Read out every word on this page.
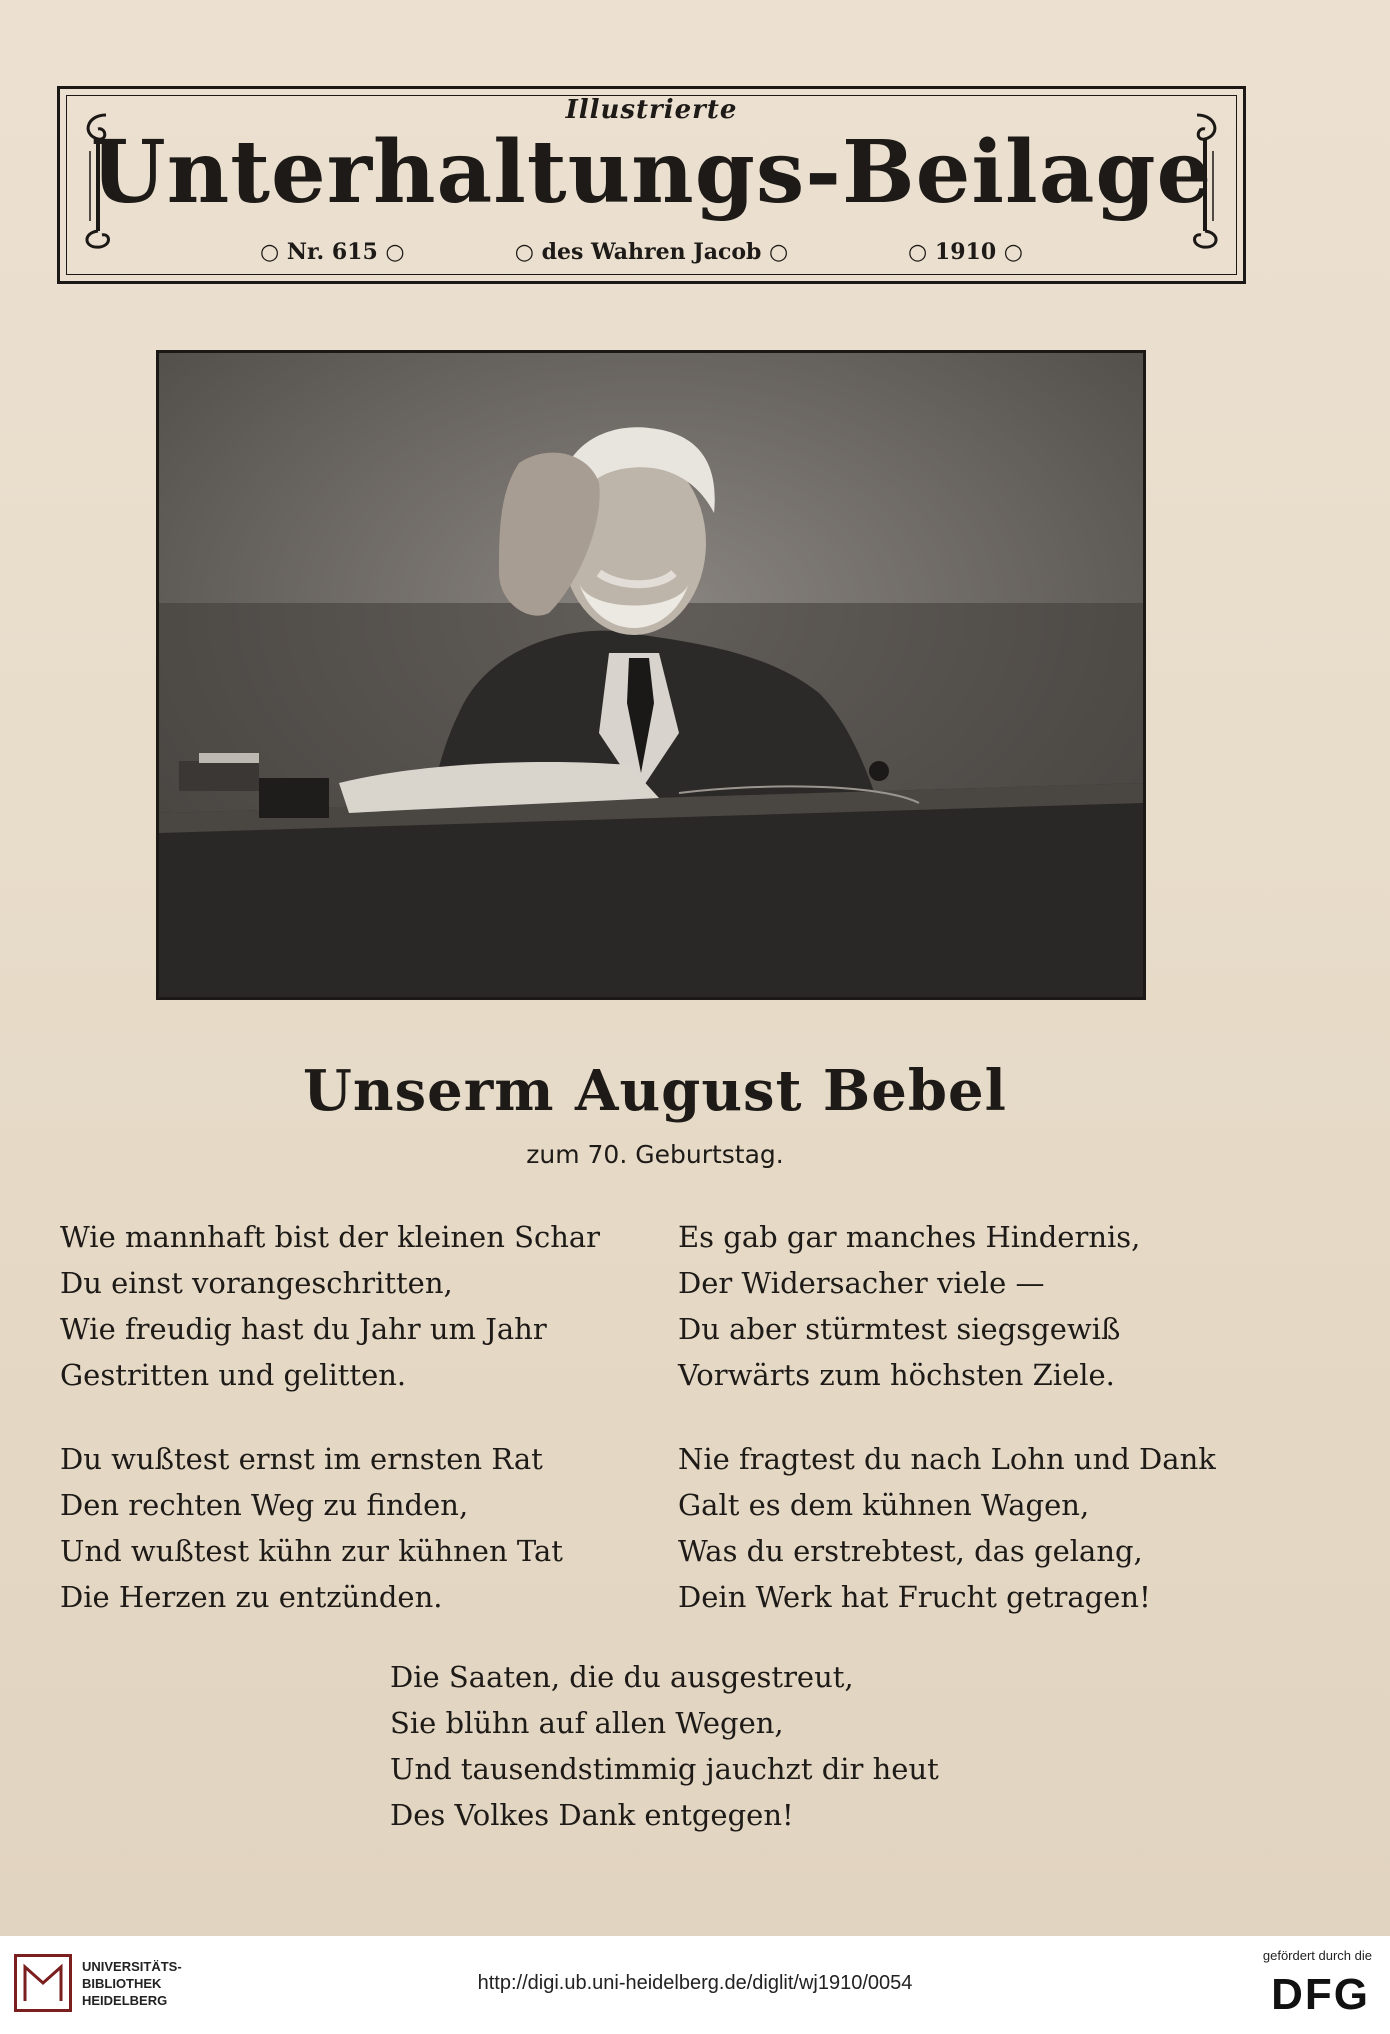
Illustrierte
Unterhaltungs-Beilage
○ Nr. 615 ○	○ des Wahren Jacob ○	○ 1910 ○
Unserm August Bebel
zum 70. Geburtstag.
Wie mannhaft bist der kleinen Schar
Du einst vorangeschritten,
Wie freudig hast du Jahr um Jahr
Gestritten und gelitten.
Es gab gar manches Hindernis,
Der Widersacher viele —
Du aber stürmtest siegsgewiß
Vorwärts zum höchsten Ziele.
Du wußtest ernst im ernsten Rat
Den rechten Weg zu finden,
Und wußtest kühn zur kühnen Tat
Die Herzen zu entzünden.
Nie fragtest du nach Lohn und Dank
Galt es dem kühnen Wagen,
Was du erstrebtest, das gelang,
Dein Werk hat Frucht getragen!
Die Saaten, die du ausgestreut,
Sie blühn auf allen Wegen,
Und tausendstimmig jauchzt dir heut
Des Volkes Dank entgegen!
UNIVERSITÄTS-
BIBLIOTHEK
HEIDELBERG
http://digi.ub.uni-heidelberg.de/diglit/wj1910/0054
gefördert durch die
DFG
